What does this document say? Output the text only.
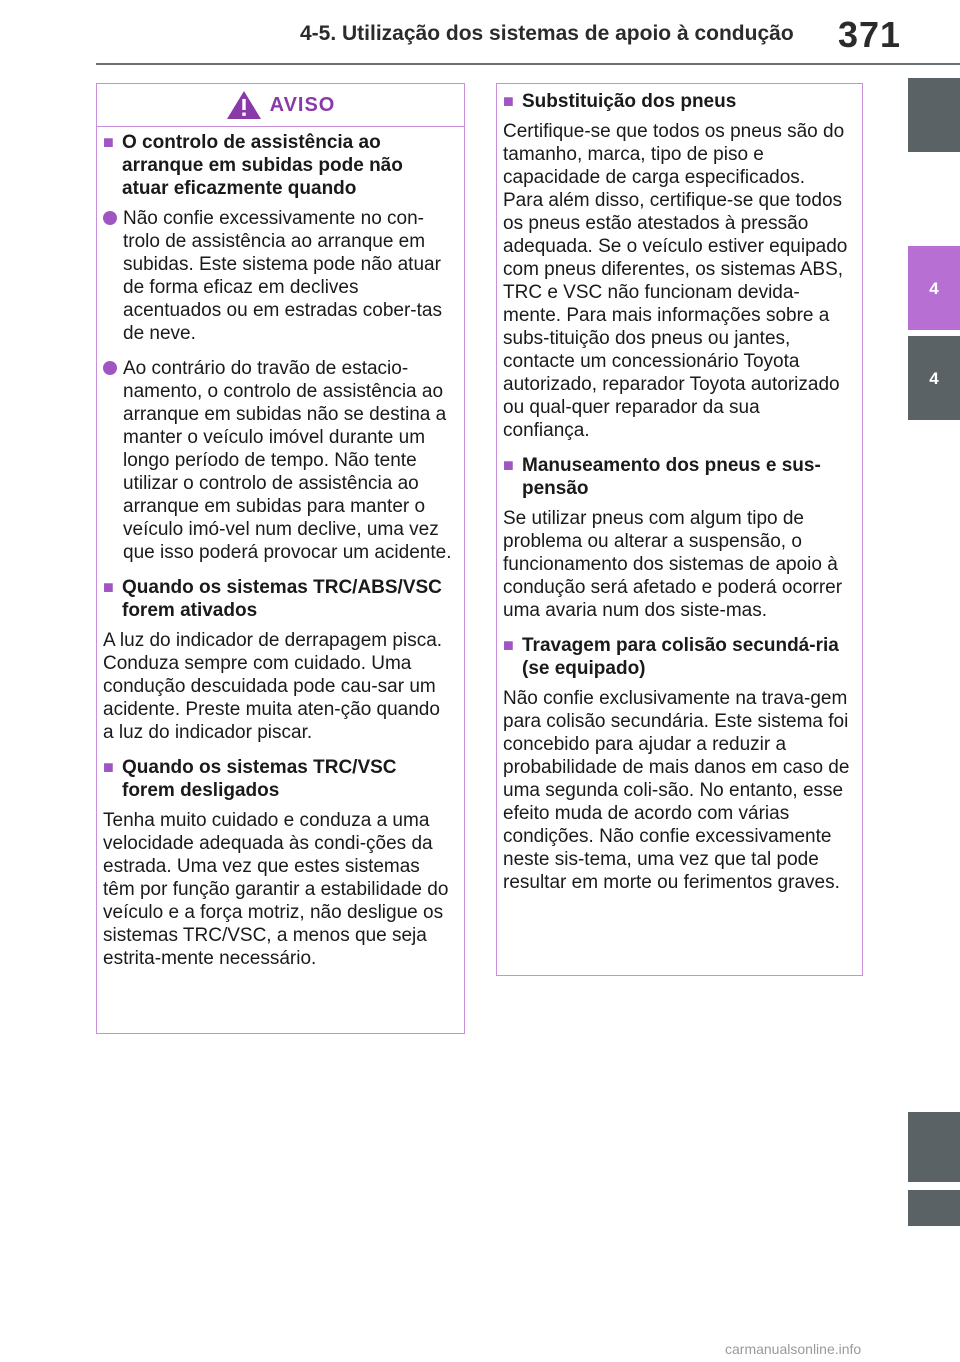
4-5. Utilização dos sistemas de apoio à condução 371
4
4
AVISO
■ O controlo de assistência ao arranque em subidas pode não atuar eficazmente quando
Não confie excessivamente no con-trolo de assistência ao arranque em subidas. Este sistema pode não atuar de forma eficaz em declives acentuados ou em estradas cober-tas de neve.
Ao contrário do travão de estacio-namento, o controlo de assistência ao arranque em subidas não se destina a manter o veículo imóvel durante um longo período de tempo. Não tente utilizar o controlo de assistência ao arranque em subidas para manter o veículo imó-vel num declive, uma vez que isso poderá provocar um acidente.
■ Quando os sistemas TRC/ABS/VSC forem ativados

A luz do indicador de derrapagem pisca. Conduza sempre com cuidado. Uma condução descuidada pode cau-sar um acidente. Preste muita aten-ção quando a luz do indicador piscar.

■ Quando os sistemas TRC/VSC forem desligados

Tenha muito cuidado e conduza a uma velocidade adequada às condi-ções da estrada. Uma vez que estes sistemas têm por função garantir a estabilidade do veículo e a força motriz, não desligue os sistemas TRC/VSC, a menos que seja estrita-mente necessário.

■ Substituição dos pneus

Certifique-se que todos os pneus são do tamanho, marca, tipo de piso e capacidade de carga especificados. Para além disso, certifique-se que todos os pneus estão atestados à pressão adequada. Se o veículo estiver equipado com pneus diferentes, os sistemas ABS, TRC e VSC não funcionam devida-mente. Para mais informações sobre a subs-tituição dos pneus ou jantes, contacte um concessionário Toyota autorizado, reparador Toyota autorizado ou qual-quer reparador da sua confiança.

■ Manuseamento dos pneus e sus-pensão

Se utilizar pneus com algum tipo de problema ou alterar a suspensão, o funcionamento dos sistemas de apoio à condução será afetado e poderá ocorrer uma avaria num dos siste-mas.

■ Travagem para colisão secundá-ria (se equipado)

Não confie exclusivamente na trava-gem para colisão secundária. Este sistema foi concebido para ajudar a reduzir a probabilidade de mais danos em caso de uma segunda coli-são. No entanto, esse efeito muda de acordo com várias condições. Não confie excessivamente neste sis-tema, uma vez que tal pode resultar em morte ou ferimentos graves.

carmanualsonline.info
